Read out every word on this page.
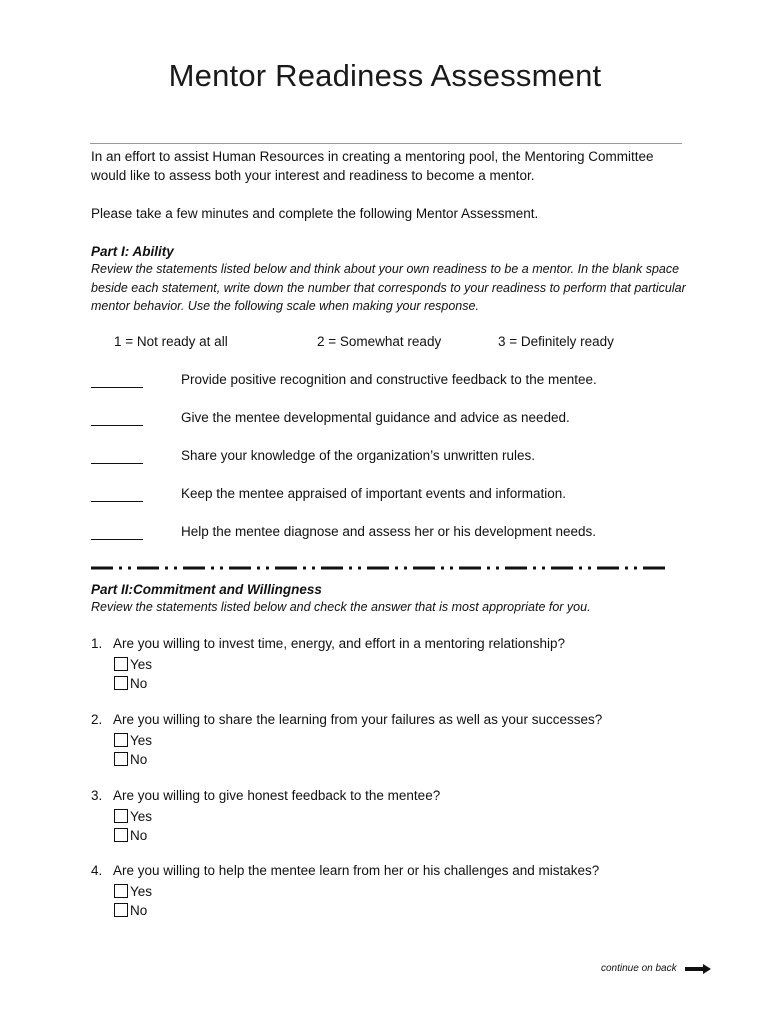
Mentor Readiness Assessment
In an effort to assist Human Resources in creating a mentoring pool, the Mentoring Committee would like to assess both your interest and readiness to become a mentor.
Please take a few minutes and complete the following Mentor Assessment.
Part I: Ability
Review the statements listed below and think about your own readiness to be a mentor. In the blank space beside each statement, write down the number that corresponds to your readiness to perform that particular mentor behavior. Use the following scale when making your response.
1 = Not ready at all	2 = Somewhat ready	3 = Definitely ready
Provide positive recognition and constructive feedback to the mentee.
Give the mentee developmental guidance and advice as needed.
Share your knowledge of the organization’s unwritten rules.
Keep the mentee appraised of important events and information.
Help the mentee diagnose and assess her or his development needs.
Part II:Commitment and Willingness
Review the statements listed below and check the answer that is most appropriate for you.
1. Are you willing to invest time, energy, and effort in a mentoring relationship?
Yes
No
2. Are you willing to share the learning from your failures as well as your successes?
Yes
No
3. Are you willing to give honest feedback to the mentee?
Yes
No
4. Are you willing to help the mentee learn from her or his challenges and mistakes?
Yes
No
continue on back
